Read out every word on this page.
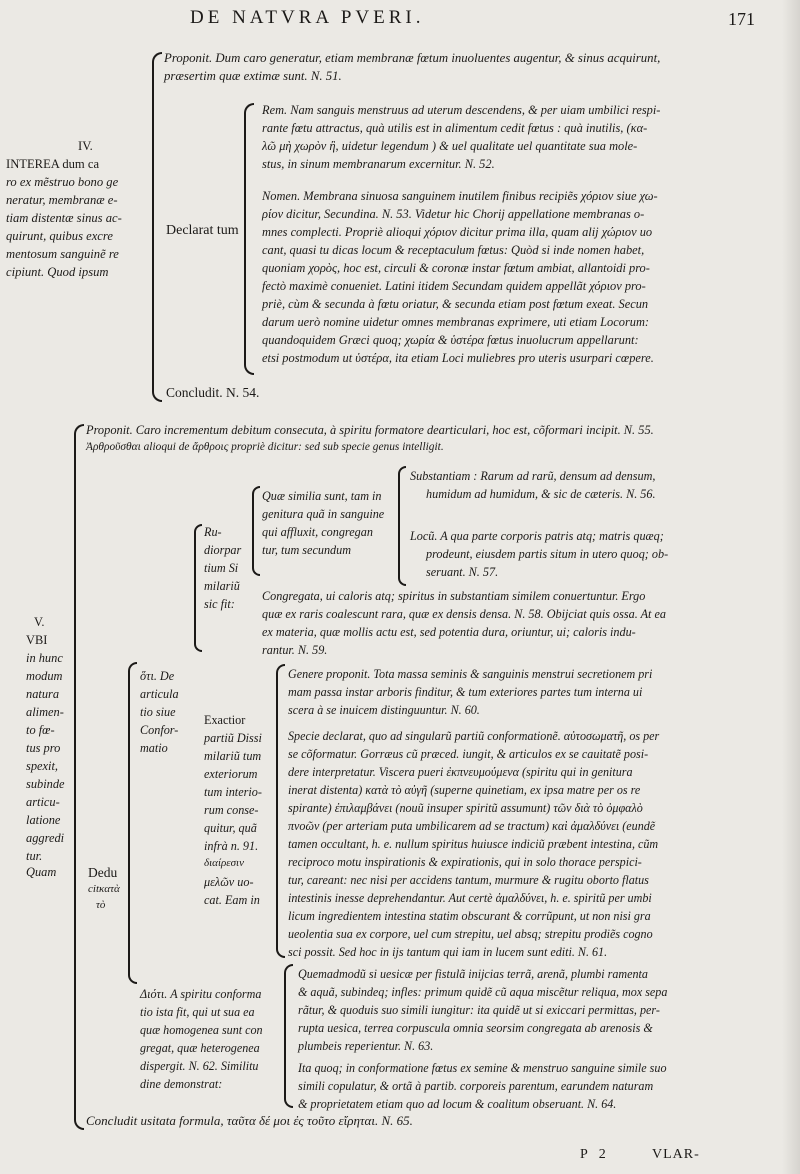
DE NATVRA PVERI.	171
IV.
INTEREA dum ca
ro ex mẽstruo bono ge
neratur, membranæ e-
tiam distentæ sinus ac-
quirunt, quibus excre
mentosum sanguinẽ re
cipiunt. Quod ipsum
Proponit. Dum caro generatur, etiam membranæ fœtum inuoluentes augentur, & sinus acquirunt,
præsertim quæ extimæ sunt. N. 51.
Declarat tum
Rem. Nam sanguis menstruus ad uterum descendens, & per uiam umbilici respi-
rante fœtu attractus, quà utilis est in alimentum cedit fœtus : quà inutilis, (κα-
λῶ μὴ χωρὸν ἢ, uidetur legendum ) & uel qualitate uel quantitate sua mole-
stus, in sinum membranarum excernitur. N. 52.
Nomen. Membrana sinuosa sanguinem inutilem finibus recipiẽs χόριον siue χω-
ρίον dicitur, Secundina. N. 53. Videtur hic Chorij appellatione membranas o-
mnes complecti. Propriè alioqui χόριον dicitur prima illa, quam alij χώριον uo
cant, quasi tu dicas locum & receptaculum fœtus: Quòd si inde nomen habet,
quoniam χορὸς, hoc est, circuli & coronæ instar fœtum ambiat, allantoidi pro-
fectò maximè conueniet. Latini itidem Secundam quidem appellãt χόριον pro-
priè, cùm & secunda à fœtu oriatur, & secunda etiam post fœtum exeat. Secun
darum uerò nomine uidetur omnes membranas exprimere, uti etiam Locorum:
quandoquidem Græci quoq; χωρία & ὑστέρα fœtus inuolucrum appellarunt:
etsi postmodum ut ὑστέρα, ita etiam Loci muliebres pro uteris usurpari cœpere.
Concludit. N. 54.
V.
VBI
in hunc
modum
natura
alimen-
to fœ-
tus pro
spexit,
subinde
articu-
latione
aggredi
tur.
Quam
Proponit. Caro incrementum debitum consecuta, à spiritu formatore dearticulari, hoc est, cõformari incipit. N. 55.
Ἀρθροῦσθαι alioqui de ἄρθροις propriè dicitur: sed sub specie genus intelligit.
Dedu
citκατὰ
τὸ
ὅτι. De
articula
tio siue
Confor-
matio
Ru-
diorpar
tium Si
milariũ
sic fit:
Quæ similia sunt, tam in
genitura quã in sanguine
qui affluxit, congregan
tur, tum secundum
Substantiam : Rarum ad rarũ, densum ad densum,
humidum ad humidum, & sic de cæteris. N. 56.
Locũ. A qua parte corporis patris atq; matris quæq;
prodeunt, eiusdem partis situm in utero quoq; ob-
seruant. N. 57.
Congregata, ui caloris atq; spiritus in substantiam similem conuertuntur. Ergo
quæ ex raris coalescunt rara, quæ ex densis densa. N. 58. Obijciat quis ossa. At ea
ex materia, quæ mollis actu est, sed potentia dura, oriuntur, ui; caloris indu-
rantur. N. 59.
Exactior
partiũ Dissi
milariũ tum
exteriorum
tum interio-
rum conse-
quitur, quã
infrà n. 91.
διαίρεσιν
μελῶν uo-
cat. Eam in
Genere proponit. Tota massa seminis & sanguinis menstrui secretionem pri
mam passa instar arboris finditur, & tum exteriores partes tum interna ui
scera à se inuicem distinguuntur. N. 60.
Specie declarat, quo ad singularũ partiũ conformationẽ. αὐτοσωματῆ, os per
se cõformatur. Gorræus cũ præced. iungit, & articulos ex se cauitatẽ posi-
dere interpretatur. Viscera pueri ἐκπνευμούμενα (spiritu qui in genitura
inerat distenta) κατὰ τὸ αὐγῆ (superne quinetiam, ex ipsa matre per os re
spirante) ἐπιλαμβάνει (nouũ insuper spiritũ assumunt) τῶν διὰ τὸ ὀμφαλὸ
πνοῶν (per arteriam puta umbilicarem ad se tractum) καὶ ἀμαλδύνει (eundẽ
tamen occultant, h. e. nullum spiritus huiusce indiciũ præbent intestina, cũm
reciproco motu inspirationis & expirationis, qui in solo thorace perspici-
tur, careant: nec nisi per accidens tantum, murmure & rugitu oborto flatus
intestinis inesse deprehendantur. Aut certè ἀμαλδύνει, h. e. spiritũ per umbi
licum ingredientem intestina statim obscurant & corrũpunt, ut non nisi gra
ueolentia sua ex corpore, uel cum strepitu, uel absq; strepitu prodiẽs cogno
sci possit. Sed hoc in ijs tantum qui iam in lucem sunt editi. N. 61.
Διότι. A spiritu conforma
tio ista fit, qui ut sua ea
quæ homogenea sunt con
gregat, quæ heterogenea
dispergit. N. 62. Similitu
dine demonstrat:
Quemadmodũ si uesicæ per fistulã inijcias terrã, arenã, plumbi ramenta
& aquã, subindeq; infles: primum quidẽ cũ aqua miscẽtur reliqua, mox sepa
rãtur, & quoduis suo simili iungitur: ita quidẽ ut si exiccari permittas, per-
rupta uesica, terrea corpuscula omnia seorsim congregata ab arenosis &
plumbeis reperientur. N. 63.
Ita quoq; in conformatione fœtus ex semine & menstruo sanguine simile suo
simili copulatur, & ortã à partib. corporeis parentum, earundem naturam
& proprietatem etiam quo ad locum & coalitum obseruant. N. 64.
Concludit usitata formula, ταῦτα δέ μοι ἐς τοῦτο εἴρηται. N. 65.
P 2	VLAR-
